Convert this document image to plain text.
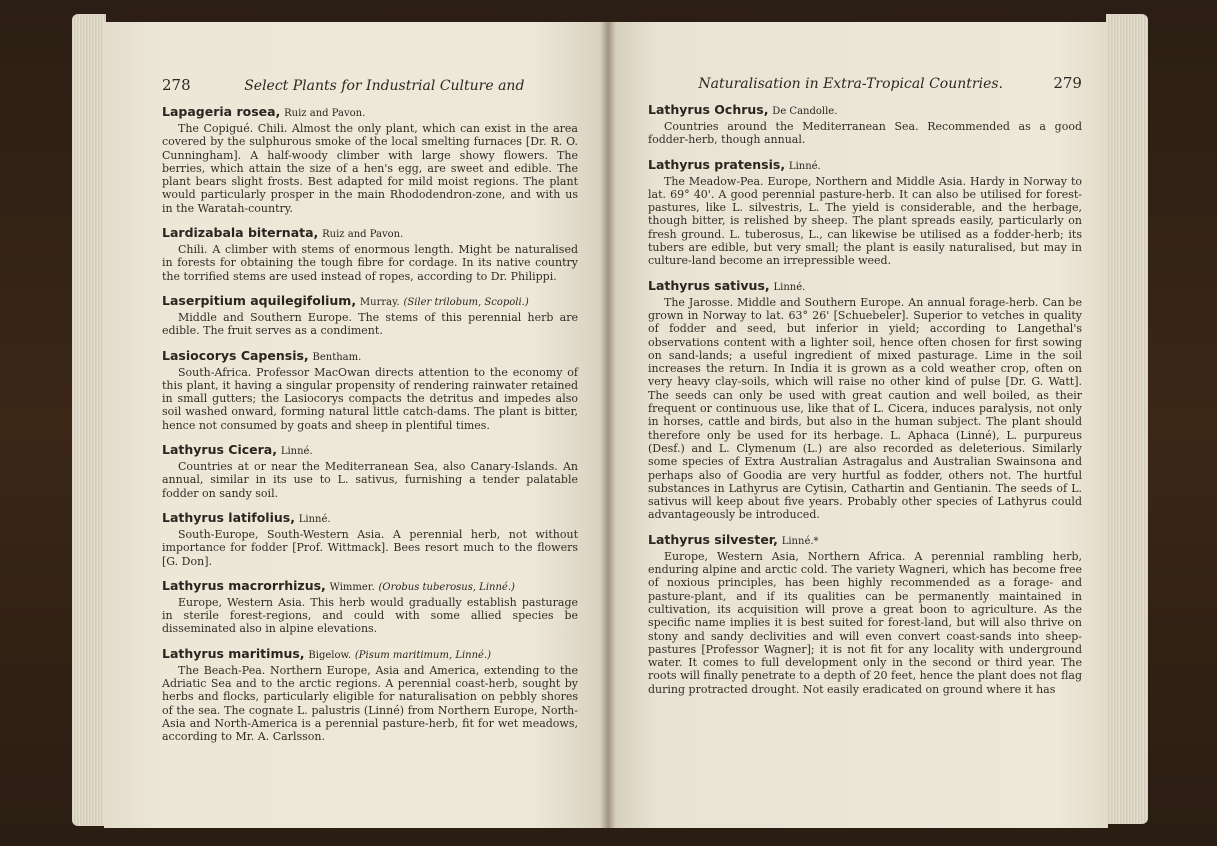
278	Select Plants for Industrial Culture and

Lapageria rosea, Ruiz and Pavon.

The Copigué. Chili. Almost the only plant, which can exist in the area covered by the sulphurous smoke of the local smelting furnaces [Dr. R. O. Cunningham]. A half-woody climber with large showy flowers. The berries, which attain the size of a hen's egg, are sweet and edible. The plant bears slight frosts. Best adapted for mild moist regions. The plant would particularly prosper in the main Rhododendron-zone, and with us in the Waratah-country.

Lardizabala biternata, Ruiz and Pavon.

Chili. A climber with stems of enormous length. Might be naturalised in forests for obtaining the tough fibre for cordage. In its native country the torrified stems are used instead of ropes, according to Dr. Philippi.

Laserpitium aquilegifolium, Murray. (Siler trilobum, Scopoli.)

Middle and Southern Europe. The stems of this perennial herb are edible. The fruit serves as a condiment.

Lasiocorys Capensis, Bentham.

South-Africa. Professor MacOwan directs attention to the economy of this plant, it having a singular propensity of rendering rainwater retained in small gutters; the Lasiocorys compacts the detritus and impedes also soil washed onward, forming natural little catch-dams. The plant is bitter, hence not consumed by goats and sheep in plentiful times.

Lathyrus Cicera, Linné.

Countries at or near the Mediterranean Sea, also Canary-Islands. An annual, similar in its use to L. sativus, furnishing a tender palatable fodder on sandy soil.

Lathyrus latifolius, Linné.

South-Europe, South-Western Asia. A perennial herb, not without importance for fodder [Prof. Wittmack]. Bees resort much to the flowers [G. Don].

Lathyrus macrorrhizus, Wimmer. (Orobus tuberosus, Linné.)

Europe, Western Asia. This herb would gradually establish pasturage in sterile forest-regions, and could with some allied species be disseminated also in alpine elevations.

Lathyrus maritimus, Bigelow. (Pisum maritimum, Linné.)

The Beach-Pea. Northern Europe, Asia and America, extending to the Adriatic Sea and to the arctic regions. A perennial coast-herb, sought by herbs and flocks, particularly eligible for naturalisation on pebbly shores of the sea. The cognate L. palustris (Linné) from Northern Europe, North-Asia and North-America is a perennial pasture-herb, fit for wet meadows, according to Mr. A. Carlsson.

Naturalisation in Extra-Tropical Countries.	279

Lathyrus Ochrus, De Candolle.

Countries around the Mediterranean Sea. Recommended as a good fodder-herb, though annual.

Lathyrus pratensis, Linné.

The Meadow-Pea. Europe, Northern and Middle Asia. Hardy in Norway to lat. 69° 40'. A good perennial pasture-herb. It can also be utilised for forest-pastures, like L. silvestris, L. The yield is considerable, and the herbage, though bitter, is relished by sheep. The plant spreads easily, particularly on fresh ground. L. tuberosus, L., can likewise be utilised as a fodder-herb; its tubers are edible, but very small; the plant is easily naturalised, but may in culture-land become an irrepressible weed.

Lathyrus sativus, Linné.

The Jarosse. Middle and Southern Europe. An annual forage-herb. Can be grown in Norway to lat. 63° 26' [Schuebeler]. Superior to vetches in quality of fodder and seed, but inferior in yield; according to Langethal's observations content with a lighter soil, hence often chosen for first sowing on sand-lands; a useful ingredient of mixed pasturage. Lime in the soil increases the return. In India it is grown as a cold weather crop, often on very heavy clay-soils, which will raise no other kind of pulse [Dr. G. Watt]. The seeds can only be used with great caution and well boiled, as their frequent or continuous use, like that of L. Cicera, induces paralysis, not only in horses, cattle and birds, but also in the human subject. The plant should therefore only be used for its herbage. L. Aphaca (Linné), L. purpureus (Desf.) and L. Clymenum (L.) are also recorded as deleterious. Similarly some species of Extra Australian Astragalus and Australian Swainsona and perhaps also of Goodia are very hurtful as fodder, others not. The hurtful substances in Lathyrus are Cytisin, Cathartin and Gentianin. The seeds of L. sativus will keep about five years. Probably other species of Lathyrus could advantageously be introduced.

Lathyrus silvester, Linné.*

Europe, Western Asia, Northern Africa. A perennial rambling herb, enduring alpine and arctic cold. The variety Wagneri, which has become free of noxious principles, has been highly recommended as a forage- and pasture-plant, and if its qualities can be permanently maintained in cultivation, its acquisition will prove a great boon to agriculture. As the specific name implies it is best suited for forest-land, but will also thrive on stony and sandy declivities and will even convert coast-sands into sheep-pastures [Professor Wagner]; it is not fit for any locality with underground water. It comes to full development only in the second or third year. The roots will finally penetrate to a depth of 20 feet, hence the plant does not flag during protracted drought. Not easily eradicated on ground where it has
